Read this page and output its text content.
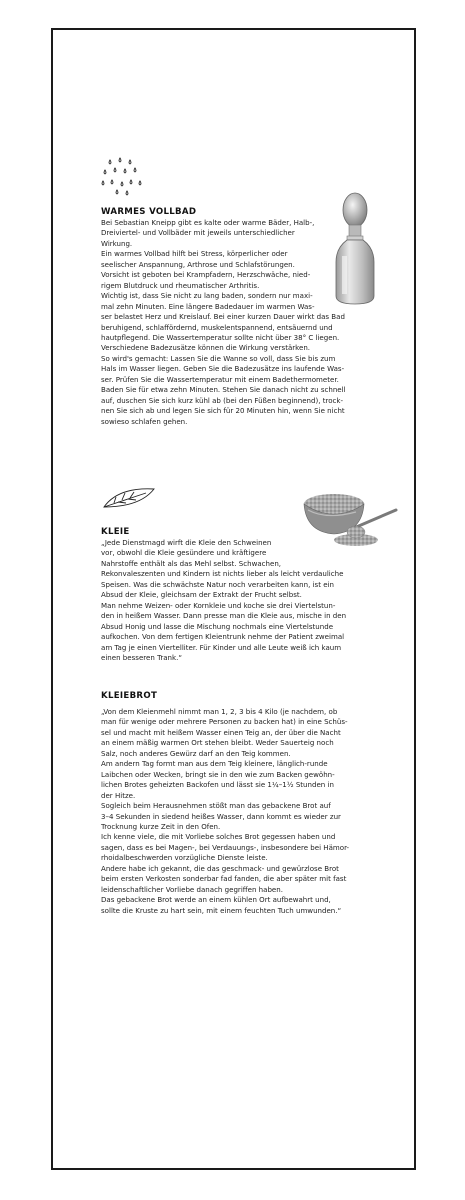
WARMES VOLLBAD

Bei Sebastian Kneipp gibt es kalte oder warme Bäder, Halb-,
Dreiviertel- und Vollbäder mit jeweils unterschiedlicher
Wirkung.
Ein warmes Vollbad hilft bei Stress, körperlicher oder
seelischer Anspannung, Arthrose und Schlafstörungen.
Vorsicht ist geboten bei Krampfadern, Herzschwäche, nied-
rigem Blutdruck und rheumatischer Arthritis.
Wichtig ist, dass Sie nicht zu lang baden, sondern nur maxi-
mal zehn Minuten. Eine längere Badedauer im warmen Was-
ser belastet Herz und Kreislauf. Bei einer kurzen Dauer wirkt das Bad
beruhigend, schlaffördernd, muskelentspannend, entsäuernd und
hautpflegend. Die Wassertemperatur sollte nicht über 38° C liegen.
Verschiedene Badezusätze können die Wirkung verstärken.
So wird's gemacht: Lassen Sie die Wanne so voll, dass Sie bis zum
Hals im Wasser liegen. Geben Sie die Badezusätze ins laufende Was-
ser. Prüfen Sie die Wassertemperatur mit einem Badethermometer.
Baden Sie für etwa zehn Minuten. Stehen Sie danach nicht zu schnell
auf, duschen Sie sich kurz kühl ab (bei den Füßen beginnend), trock-
nen Sie sich ab und legen Sie sich für 20 Minuten hin, wenn Sie nicht
sowieso schlafen gehen.

KLEIE

„Jede Dienstmagd wirft die Kleie den Schweinen
vor, obwohl die Kleie gesündere und kräftigere
Nahrstoffe enthält als das Mehl selbst. Schwachen,
Rekonvaleszenten und Kindern ist nichts lieber als leicht verdauliche
Speisen. Was die schwächste Natur noch verarbeiten kann, ist ein
Absud der Kleie, gleichsam der Extrakt der Frucht selbst.
Man nehme Weizen- oder Kornkleie und koche sie drei Viertelstun-
den in heißem Wasser. Dann presse man die Kleie aus, mische in den
Absud Honig und lasse die Mischung nochmals eine Viertelstunde
aufkochen. Von dem fertigen Kleientrunk nehme der Patient zweimal
am Tag je einen Viertelliter. Für Kinder und alle Leute weiß ich kaum
einen besseren Trank.“

KLEIEBROT

„Von dem Kleienmehl nimmt man 1, 2, 3 bis 4 Kilo (je nachdem, ob
man für wenige oder mehrere Personen zu backen hat) in eine Schüs-
sel und macht mit heißem Wasser einen Teig an, der über die Nacht
an einem mäßig warmen Ort stehen bleibt. Weder Sauerteig noch
Salz, noch anderes Gewürz darf an den Teig kommen.
Am andern Tag formt man aus dem Teig kleinere, länglich-runde
Laibchen oder Wecken, bringt sie in den wie zum Backen gewöhn-
lichen Brotes geheizten Backofen und lässt sie 1¼–1½ Stunden in
der Hitze.
Sogleich beim Herausnehmen stößt man das gebackene Brot auf
3–4 Sekunden in siedend heißes Wasser, dann kommt es wieder zur
Trocknung kurze Zeit in den Ofen.
Ich kenne viele, die mit Vorliebe solches Brot gegessen haben und
sagen, dass es bei Magen-, bei Verdauungs-, insbesondere bei Hämor-
rhoidalbeschwerden vorzügliche Dienste leiste.
Andere habe ich gekannt, die das geschmack- und gewürzlose Brot
beim ersten Verkosten sonderbar fad fanden, die aber später mit fast
leidenschaftlicher Vorliebe danach gegriffen haben.
Das gebackene Brot werde an einem kühlen Ort aufbewahrt und,
sollte die Kruste zu hart sein, mit einem feuchten Tuch umwunden.“
